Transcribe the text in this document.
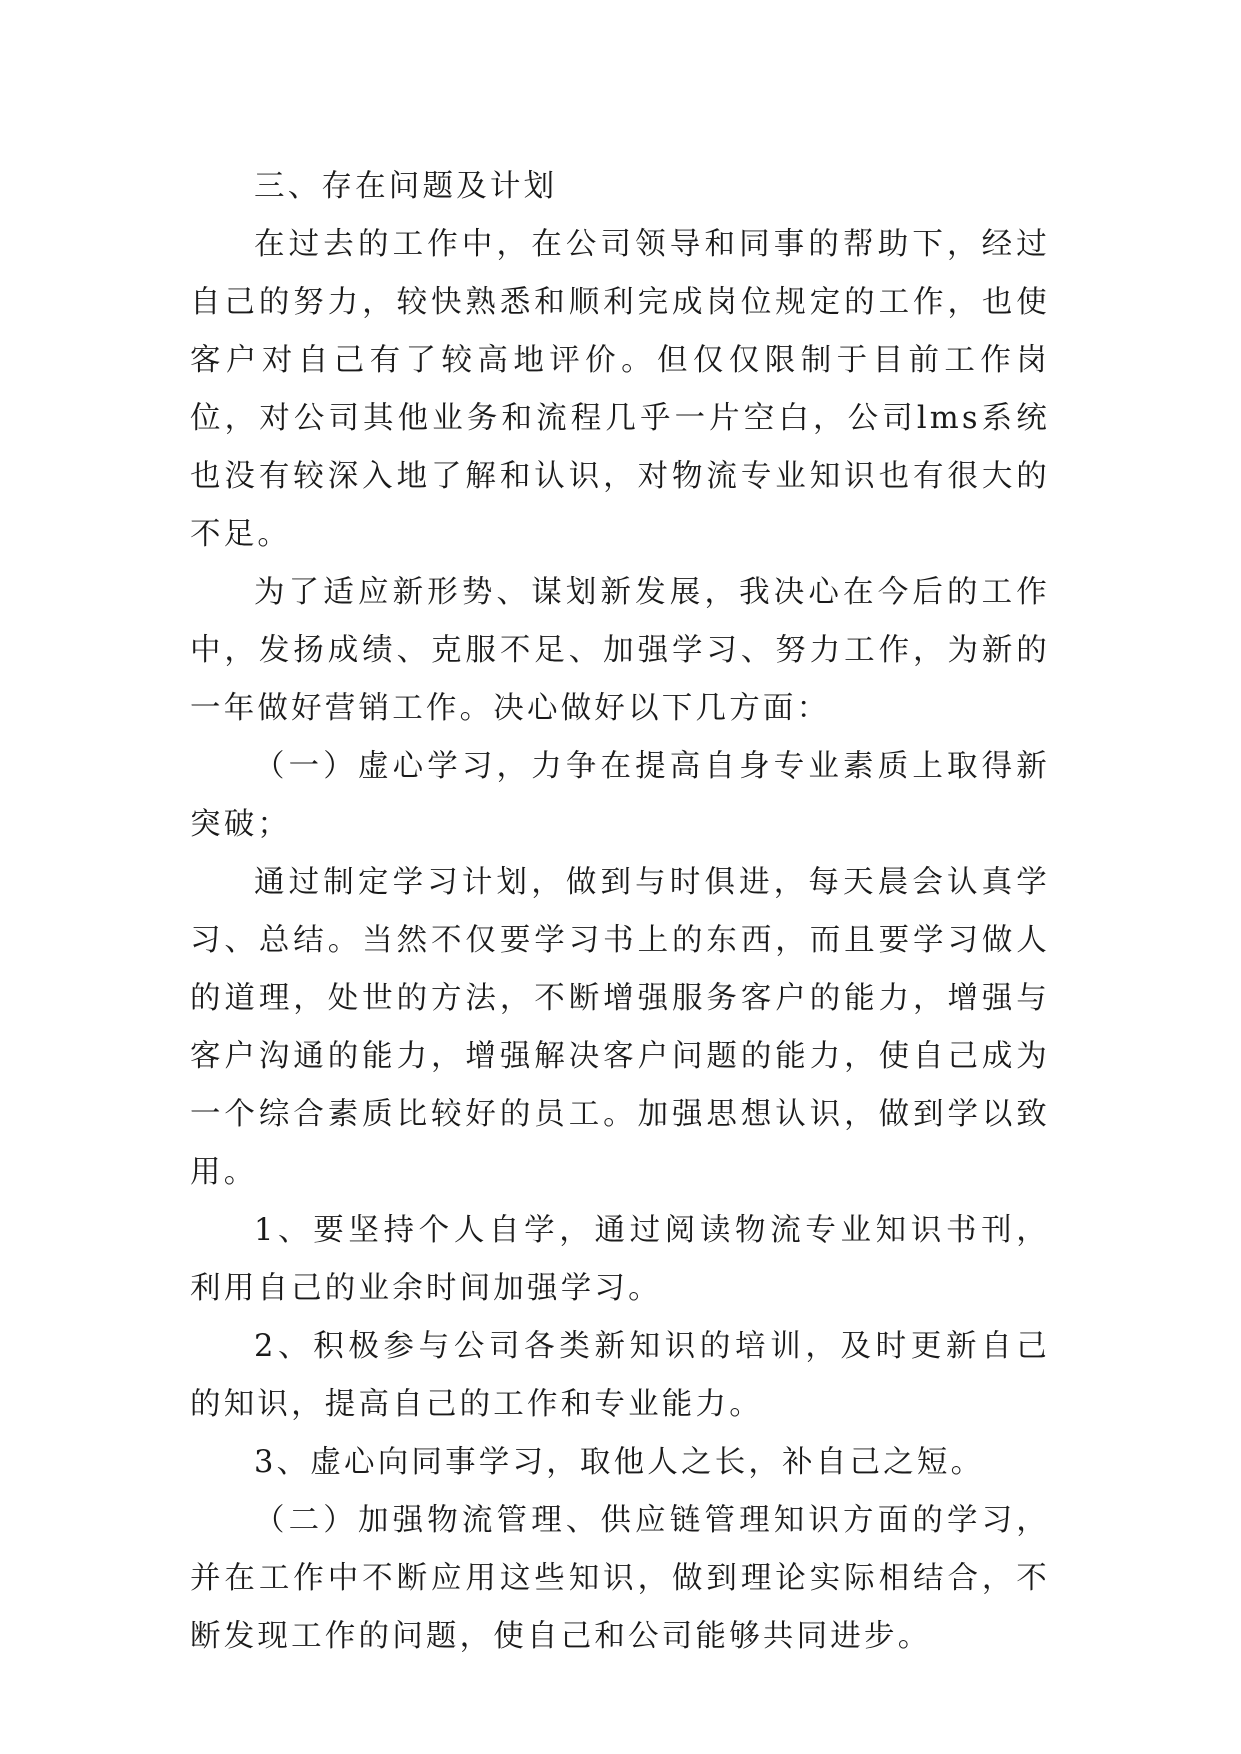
三、存在问题及计划

在过去的工作中，在公司领导和同事的帮助下，经过自己的努力，较快熟悉和顺利完成岗位规定的工作，也使客户对自己有了较高地评价。但仅仅限制于目前工作岗位，对公司其他业务和流程几乎一片空白，公司lms系统也没有较深入地了解和认识，对物流专业知识也有很大的不足。

为了适应新形势、谋划新发展，我决心在今后的工作中，发扬成绩、克服不足、加强学习、努力工作，为新的一年做好营销工作。决心做好以下几方面：

（一）虚心学习，力争在提高自身专业素质上取得新突破；

通过制定学习计划，做到与时俱进，每天晨会认真学习、总结。当然不仅要学习书上的东西，而且要学习做人的道理，处世的方法，不断增强服务客户的能力，增强与客户沟通的能力，增强解决客户问题的能力，使自己成为一个综合素质比较好的员工。加强思想认识，做到学以致用。

1、要坚持个人自学，通过阅读物流专业知识书刊，利用自己的业余时间加强学习。

2、积极参与公司各类新知识的培训，及时更新自己的知识，提高自己的工作和专业能力。

3、虚心向同事学习，取他人之长，补自己之短。

（二）加强物流管理、供应链管理知识方面的学习，并在工作中不断应用这些知识，做到理论实际相结合，不断发现工作的问题，使自己和公司能够共同进步。
